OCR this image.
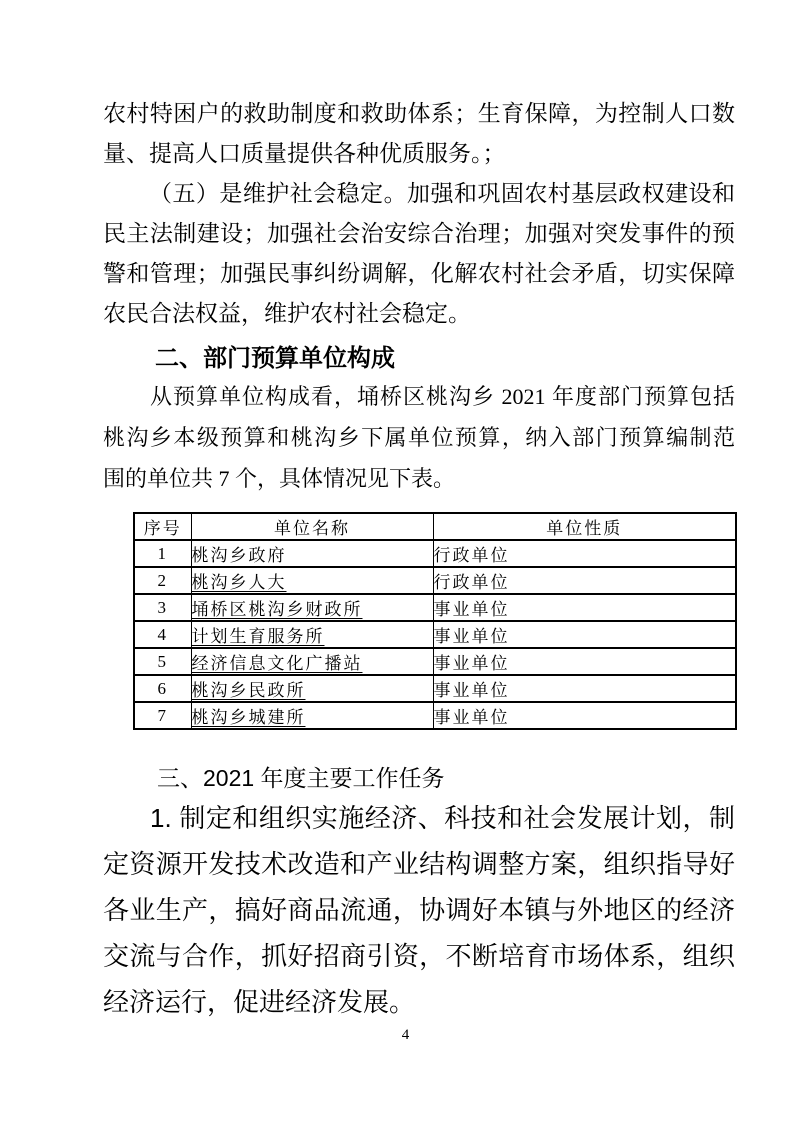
农村特困户的救助制度和救助体系；生育保障，为控制人口数
量、提高人口质量提供各种优质服务。；
（五）是维护社会稳定。加强和巩固农村基层政权建设和
民主法制建设；加强社会治安综合治理；加强对突发事件的预
警和管理；加强民事纠纷调解，化解农村社会矛盾，切实保障
农民合法权益，维护农村社会稳定。
二、部门预算单位构成
从预算单位构成看，埇桥区桃沟乡 2021 年度部门预算包括
桃沟乡本级预算和桃沟乡下属单位预算，纳入部门预算编制范
围的单位共 7 个，具体情况见下表。
序号	单位名称	单位性质
1	桃沟乡政府	行政单位
2	桃沟乡人大	行政单位
3	埇桥区桃沟乡财政所	事业单位
4	计划生育服务所	事业单位
5	经济信息文化广播站	事业单位
6	桃沟乡民政所	事业单位
7	桃沟乡城建所	事业单位
三、2021 年度主要工作任务
1. 制定和组织实施经济、科技和社会发展计划，制
定资源开发技术改造和产业结构调整方案，组织指导好
各业生产，搞好商品流通，协调好本镇与外地区的经济
交流与合作，抓好招商引资，不断培育市场体系，组织
经济运行，促进经济发展。
4
